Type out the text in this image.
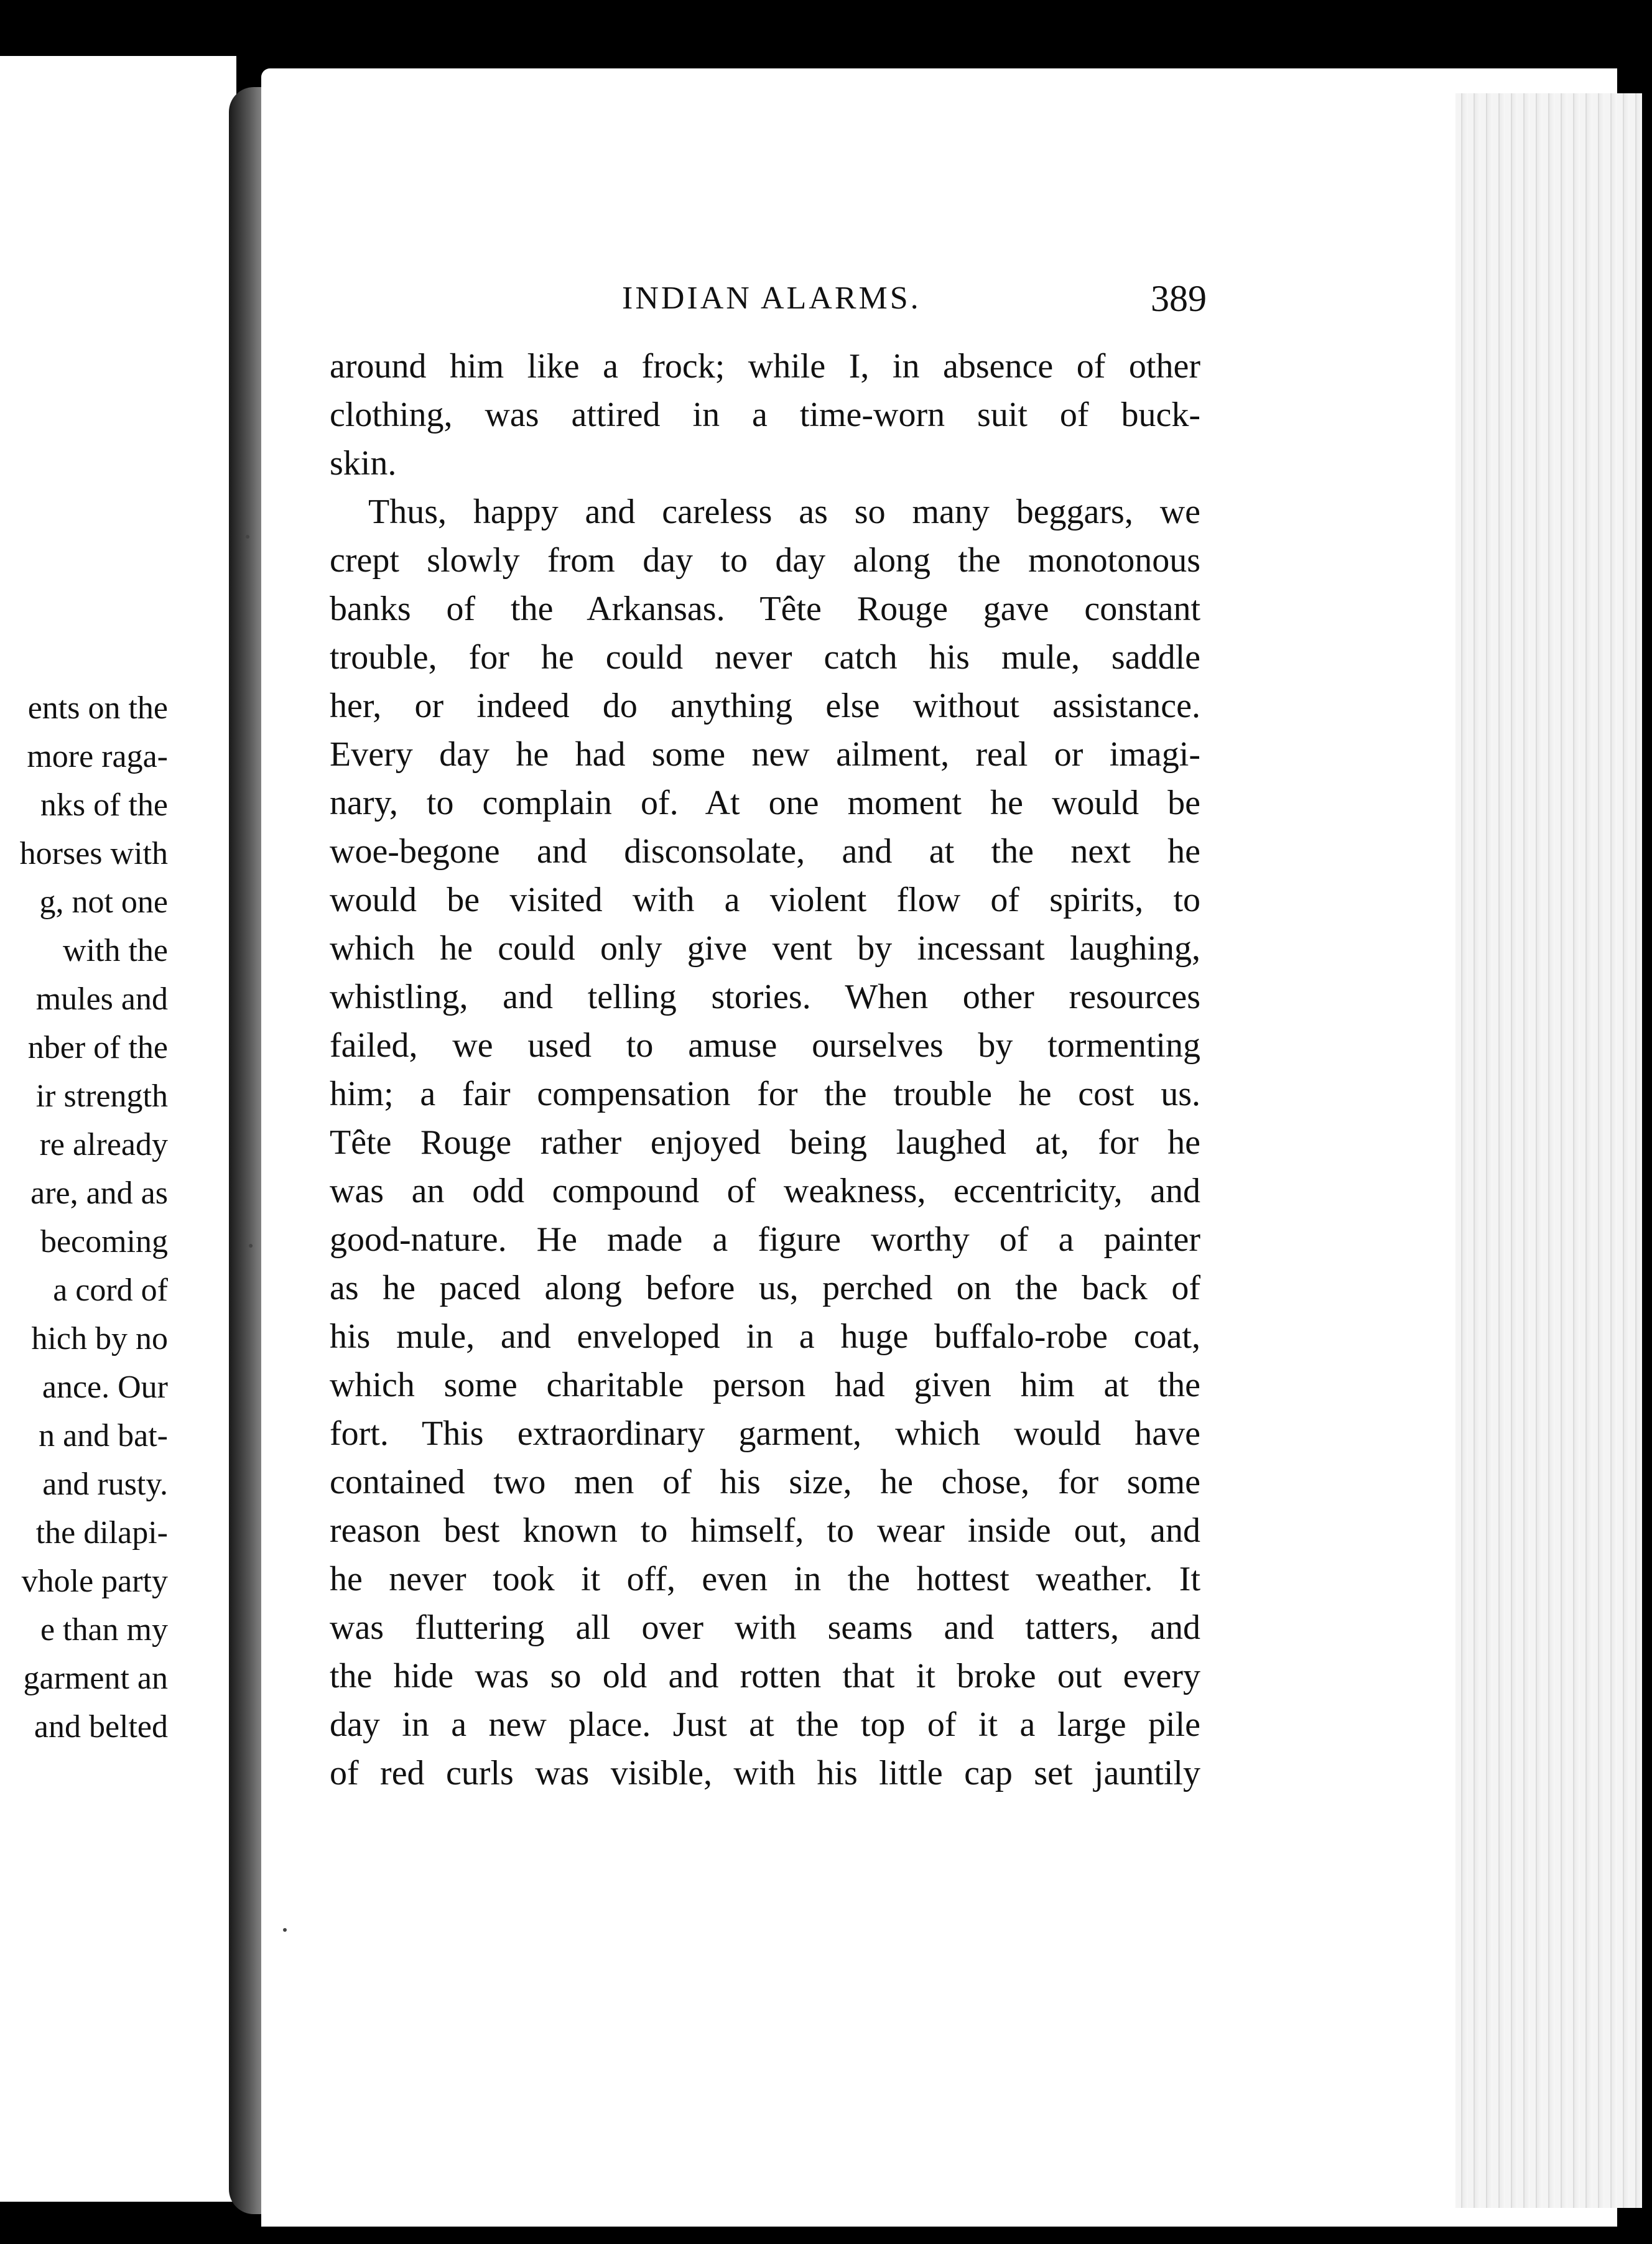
ents on the
more raga-
nks of the
horses with
g, not one
with the
mules and
nber of the
ir strength
re already
are, and as
becoming
a cord of
hich by no
ance. Our
n and bat-
and rusty.
the dilapi-
vhole party
e than my
garment an
and belted
INDIAN ALARMS.	389
around him like a frock; while I, in absence of other
clothing, was attired in a time-worn suit of buck-
skin.
Thus, happy and careless as so many beggars, we
crept slowly from day to day along the monotonous
banks of the Arkansas. Tête Rouge gave constant
trouble, for he could never catch his mule, saddle
her, or indeed do anything else without assistance.
Every day he had some new ailment, real or imagi-
nary, to complain of. At one moment he would be
woe-begone and disconsolate, and at the next he
would be visited with a violent flow of spirits, to
which he could only give vent by incessant laughing,
whistling, and telling stories. When other resources
failed, we used to amuse ourselves by tormenting
him; a fair compensation for the trouble he cost us.
Tête Rouge rather enjoyed being laughed at, for he
was an odd compound of weakness, eccentricity, and
good-nature. He made a figure worthy of a painter
as he paced along before us, perched on the back of
his mule, and enveloped in a huge buffalo-robe coat,
which some charitable person had given him at the
fort. This extraordinary garment, which would have
contained two men of his size, he chose, for some
reason best known to himself, to wear inside out, and
he never took it off, even in the hottest weather. It
was fluttering all over with seams and tatters, and
the hide was so old and rotten that it broke out every
day in a new place. Just at the top of it a large pile
of red curls was visible, with his little cap set jauntily
